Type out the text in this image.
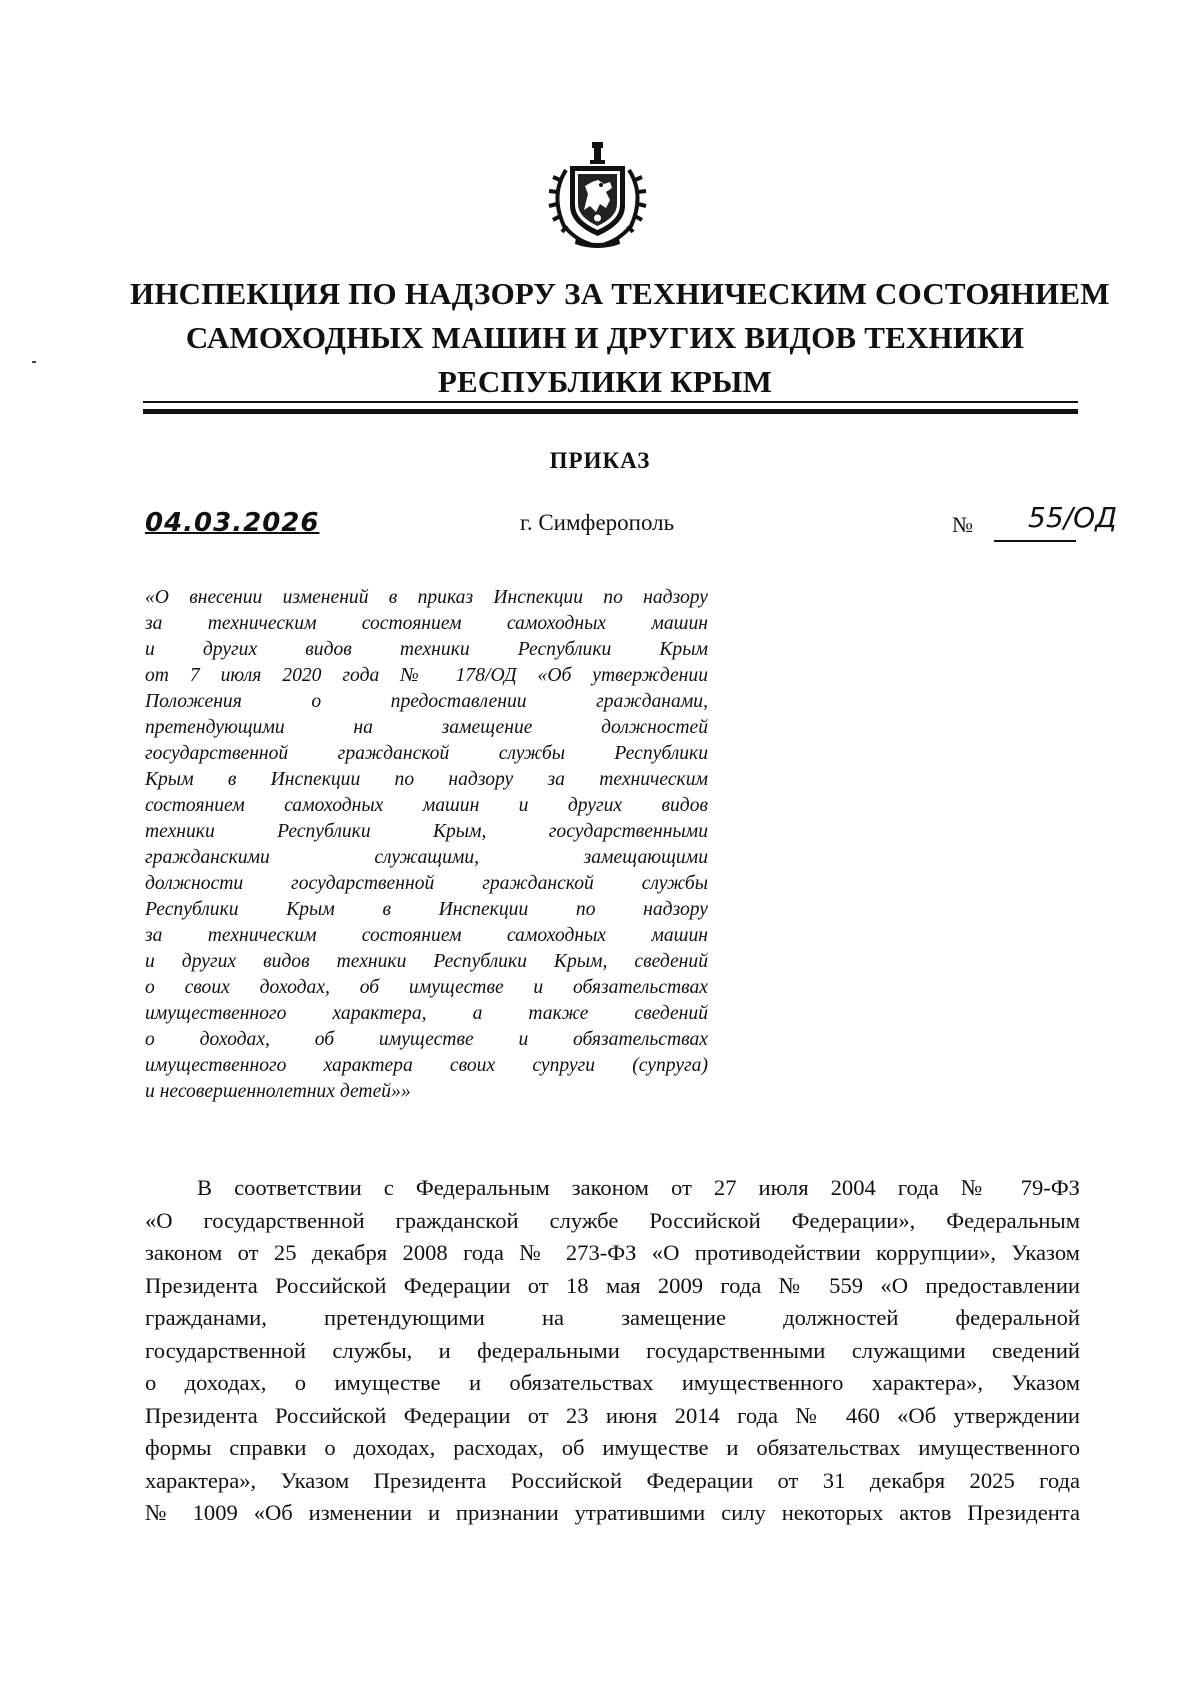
ИНСПЕКЦИЯ ПО НАДЗОРУ ЗА ТЕХНИЧЕСКИМ СОСТОЯНИЕМ
САМОХОДНЫХ МАШИН И ДРУГИХ ВИДОВ ТЕХНИКИ
РЕСПУБЛИКИ КРЫМ
ПРИКАЗ
04.03.2026	г. Симферополь	№ 55/ОД
«О внесении изменений в приказ Инспекции по надзору
за техническим состоянием самоходных машин
и других видов техники Республики Крым
от 7 июля 2020 года № 178/ОД «Об утверждении
Положения о предоставлении гражданами,
претендующими на замещение должностей
государственной гражданской службы Республики
Крым в Инспекции по надзору за техническим
состоянием самоходных машин и других видов
техники Республики Крым, государственными
гражданскими служащими, замещающими
должности государственной гражданской службы
Республики Крым в Инспекции по надзору
за техническим состоянием самоходных машин
и других видов техники Республики Крым, сведений
о своих доходах, об имуществе и обязательствах
имущественного характера, а также сведений
о доходах, об имуществе и обязательствах
имущественного характера своих супруги (супруга)
и несовершеннолетних детей»»
В соответствии с Федеральным законом от 27 июля 2004 года № 79-ФЗ
«О государственной гражданской службе Российской Федерации», Федеральным
законом от 25 декабря 2008 года № 273-ФЗ «О противодействии коррупции», Указом
Президента Российской Федерации от 18 мая 2009 года № 559 «О предоставлении
гражданами, претендующими на замещение должностей федеральной
государственной службы, и федеральными государственными служащими сведений
о доходах, о имуществе и обязательствах имущественного характера», Указом
Президента Российской Федерации от 23 июня 2014 года № 460 «Об утверждении
формы справки о доходах, расходах, об имуществе и обязательствах имущественного
характера», Указом Президента Российской Федерации от 31 декабря 2025 года
№ 1009 «Об изменении и признании утратившими силу некоторых актов Президента
